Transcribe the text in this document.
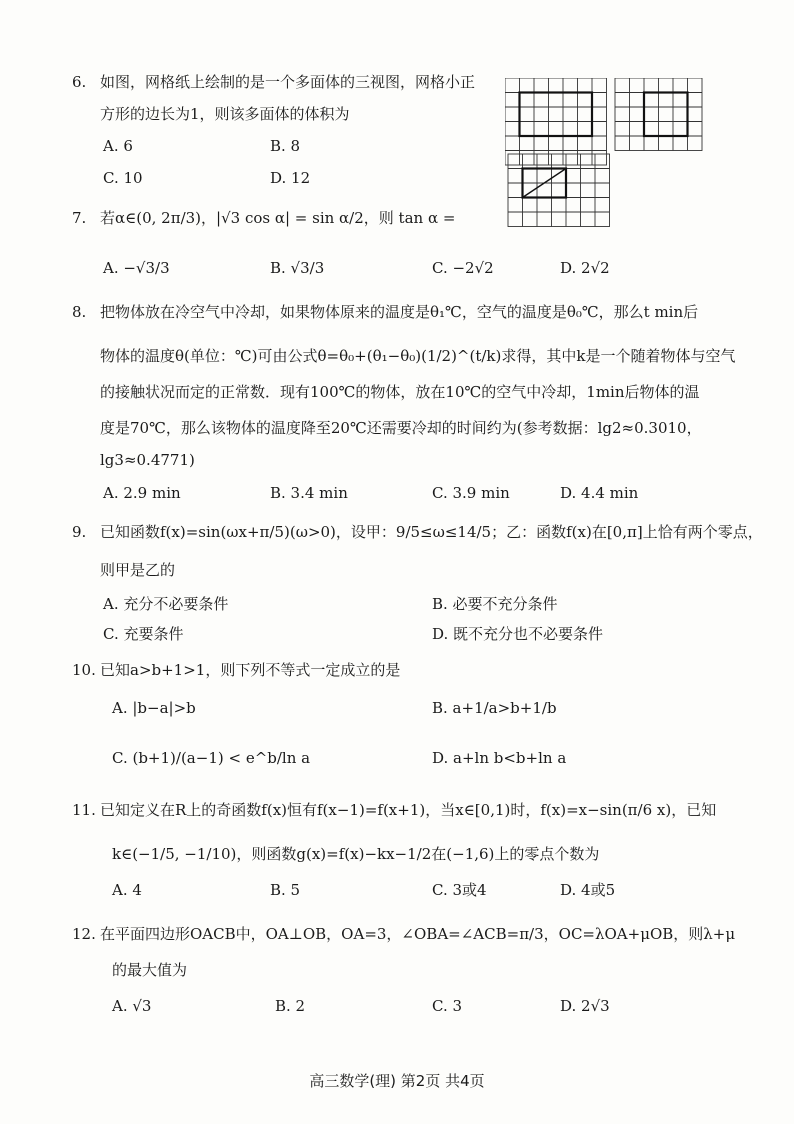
6. 如图，网格纸上绘制的是一个多面体的三视图，网格小正
方形的边长为1，则该多面体的体积为
A. 6	B. 8
C. 10	D. 12
7. 若α∈(0, 2π/3)，|√3 cos α| = sin α/2，则 tan α =
A. −√3/3	B. √3/3	C. −2√2	D. 2√2
8. 把物体放在冷空气中冷却，如果物体原来的温度是θ₁℃，空气的温度是θ₀℃，那么t min后
物体的温度θ(单位：℃)可由公式θ=θ₀+(θ₁−θ₀)(1/2)^(t/k)求得，其中k是一个随着物体与空气
的接触状况而定的正常数．现有100℃的物体，放在10℃的空气中冷却，1min后物体的温
度是70℃，那么该物体的温度降至20℃还需要冷却的时间约为(参考数据：lg2≈0.3010，
lg3≈0.4771)
A. 2.9 min	B. 3.4 min	C. 3.9 min	D. 4.4 min
9. 已知函数f(x)=sin(ωx+π/5)(ω>0)，设甲：9/5≤ω≤14/5；乙：函数f(x)在[0,π]上恰有两个零点，
则甲是乙的
A. 充分不必要条件	B. 必要不充分条件
C. 充要条件	D. 既不充分也不必要条件
10. 已知a>b+1>1，则下列不等式一定成立的是
A. |b−a|>b	B. a+1/a>b+1/b
C. (b+1)/(a−1) < e^b/ln a	D. a+ln b<b+ln a
11. 已知定义在R上的奇函数f(x)恒有f(x−1)=f(x+1)，当x∈[0,1)时，f(x)=x−sin(π/6 x)，已知
k∈(−1/5, −1/10)，则函数g(x)=f(x)−kx−1/2在(−1,6)上的零点个数为
A. 4	B. 5	C. 3或4	D. 4或5
12. 在平面四边形OACB中，OA⊥OB，OA=3，∠OBA=∠ACB=π/3，OC=λOA+μOB，则λ+μ
的最大值为
A. √3	B. 2	C. 3	D. 2√3
高三数学(理) 第2页 共4页
